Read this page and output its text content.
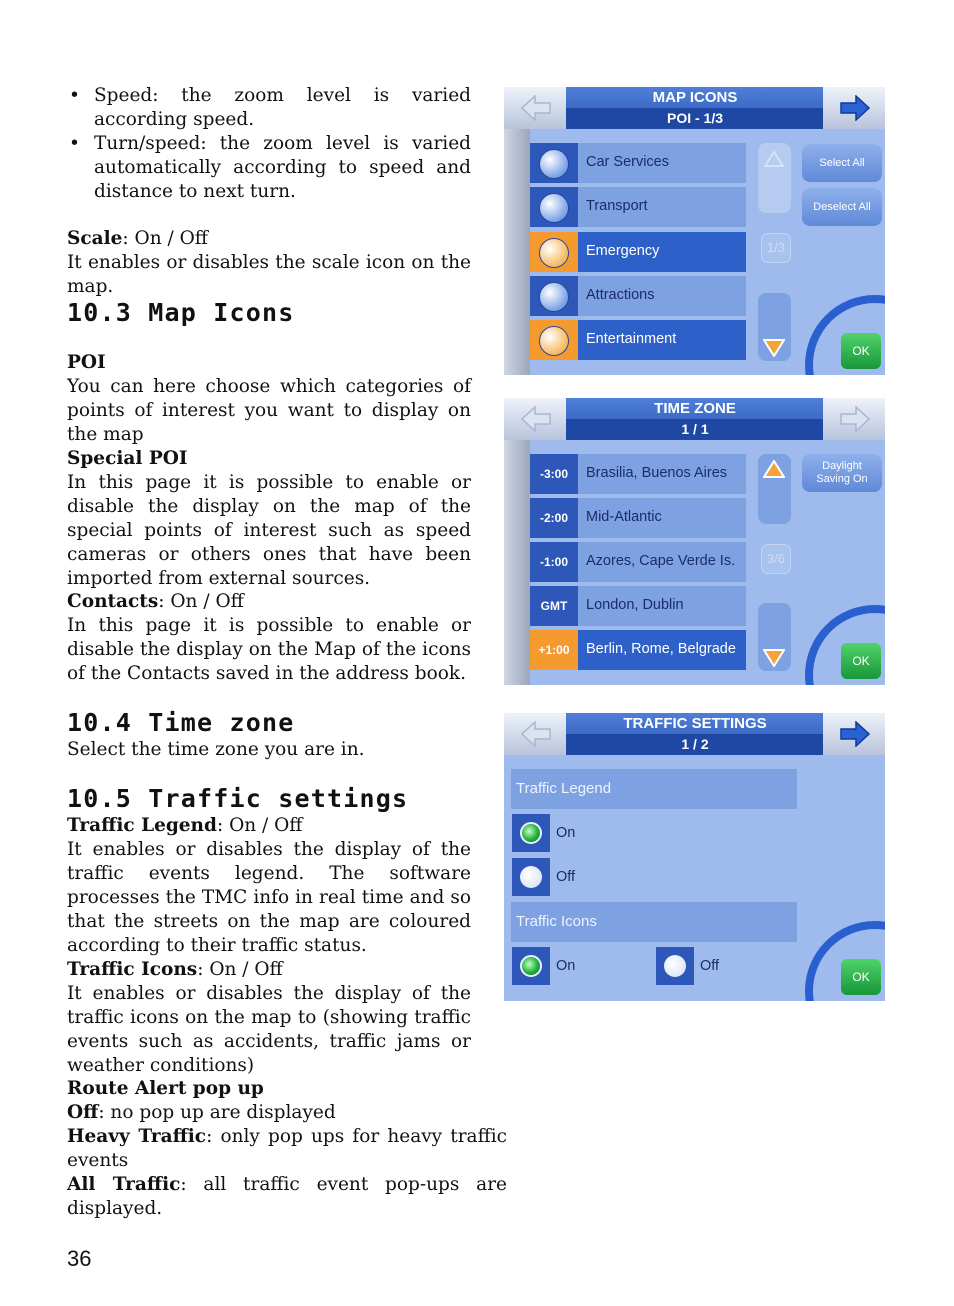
• Speed: the zoom level is varied according speed.

• Turn/speed: the zoom level is varied automatically according to speed and distance to next turn.

Scale: On / Off

It enables or disables the scale icon on the map.

10.3 Map Icons

POI

You can here choose which categories of points of interest you want to display on the map

Special POI

In this page it is possible to enable or disable the display on the map of the special points of interest such as speed cameras or others ones that have been imported from external sources.

Contacts: On / Off

In this page it is possible to enable or disable the display on the Map of the icons of the Contacts saved in the address book.

10.4 Time zone

Select the time zone you are in.

10.5 Traffic settings

Traffic Legend: On / Off

It enables or disables the display of the traffic events legend. The software processes the TMC info in real time and so that the streets on the map are coloured according to their traffic status.

Traffic Icons: On / Off

It enables or disables the display of the traffic icons on the map to (showing traffic events such as accidents, traffic jams or weather conditions)

Route Alert pop up

Off: no pop up are displayed

Heavy Traffic: only pop ups for heavy traffic events

All Traffic: all traffic event pop-ups are displayed.

36
MAP ICONS
POI - 1/3
Car Services
Transport
Emergency
Attractions
Entertainment
1/3
Select All
Deselect All
OK
TIME ZONE
1 / 1
-3:00	Brasilia, Buenos Aires
-2:00	Mid-Atlantic
-1:00	Azores, Cape Verde Is.
GMT	London, Dublin
+1:00	Berlin, Rome, Belgrade
3/6
Daylight
Saving On
OK
TRAFFIC SETTINGS
1 / 2
Traffic Legend
On
Off
Traffic Icons
On	Off
OK
